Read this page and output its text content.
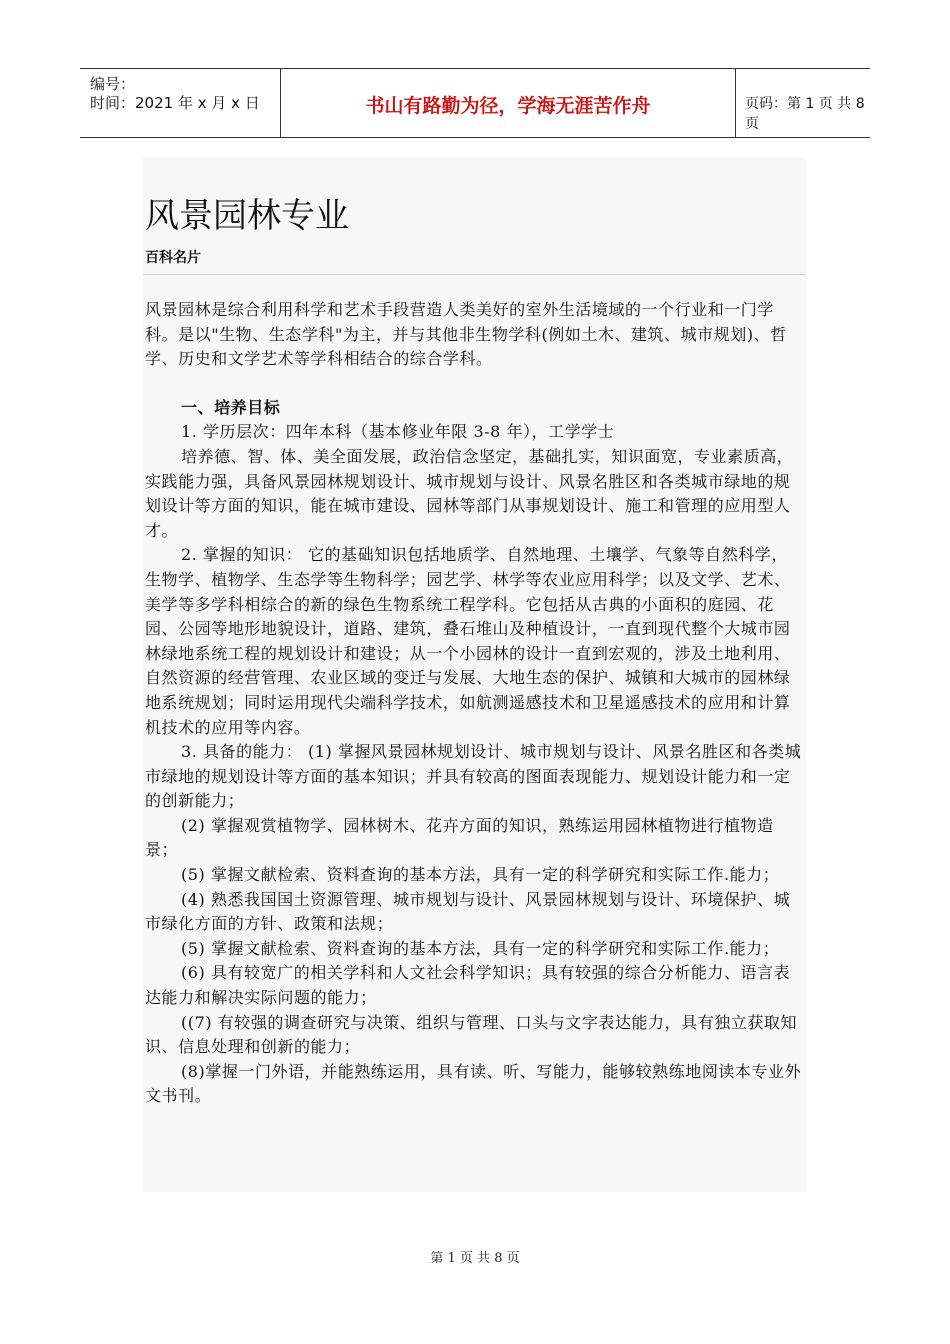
编号：
时间：2021 年 x 月 x 日	书山有路勤为径，学海无涯苦作舟	页码：第 1 页 共 8 页
风景园林专业
百科名片

风景园林是综合利用科学和艺术手段营造人类美好的室外生活境域的一个行业和一门学科。是以"生物、生态学科"为主，并与其他非生物学科(例如土木、建筑、城市规划)、哲学、历史和文学艺术等学科相结合的综合学科。

一、培养目标

1. 学历层次：四年本科（基本修业年限 3-8 年），工学学士

培养德、智、体、美全面发展，政治信念坚定，基础扎实，知识面宽，专业素质高，实践能力强，具备风景园林规划设计、城市规划与设计、风景名胜区和各类城市绿地的规划设计等方面的知识，能在城市建设、园林等部门从事规划设计、施工和管理的应用型人才。

2. 掌握的知识： 它的基础知识包括地质学、自然地理、土壤学、气象等自然科学，生物学、植物学、生态学等生物科学；园艺学、林学等农业应用科学；以及文学、艺术、美学等多学科相综合的新的绿色生物系统工程学科。它包括从古典的小面积的庭园、花园、公园等地形地貌设计，道路、建筑，叠石堆山及种植设计，一直到现代整个大城市园林绿地系统工程的规划设计和建设；从一个小园林的设计一直到宏观的，涉及土地利用、自然资源的经营管理、农业区域的变迁与发展、大地生态的保护、城镇和大城市的园林绿地系统规划；同时运用现代尖端科学技术，如航测遥感技术和卫星遥感技术的应用和计算机技术的应用等内容。

3. 具备的能力： (1) 掌握风景园林规划设计、城市规划与设计、风景名胜区和各类城市绿地的规划设计等方面的基本知识；并具有较高的图面表现能力、规划设计能力和一定的创新能力；

(2) 掌握观赏植物学、园林树木、花卉方面的知识，熟练运用园林植物进行植物造景；

(5) 掌握文献检索、资料查询的基本方法，具有一定的科学研究和实际工作.能力；

(4) 熟悉我国国土资源管理、城市规划与设计、风景园林规划与设计、环境保护、城市绿化方面的方针、政策和法规；

(5) 掌握文献检索、资料查询的基本方法，具有一定的科学研究和实际工作.能力；

(6) 具有较宽广的相关学科和人文社会科学知识；具有较强的综合分析能力、语言表达能力和解决实际问题的能力；

((7) 有较强的调查研究与决策、组织与管理、口头与文字表达能力，具有独立获取知识、信息处理和创新的能力；

(8)掌握一门外语，并能熟练运用，具有读、听、写能力，能够较熟练地阅读本专业外文书刊。

第 1 页 共 8 页
